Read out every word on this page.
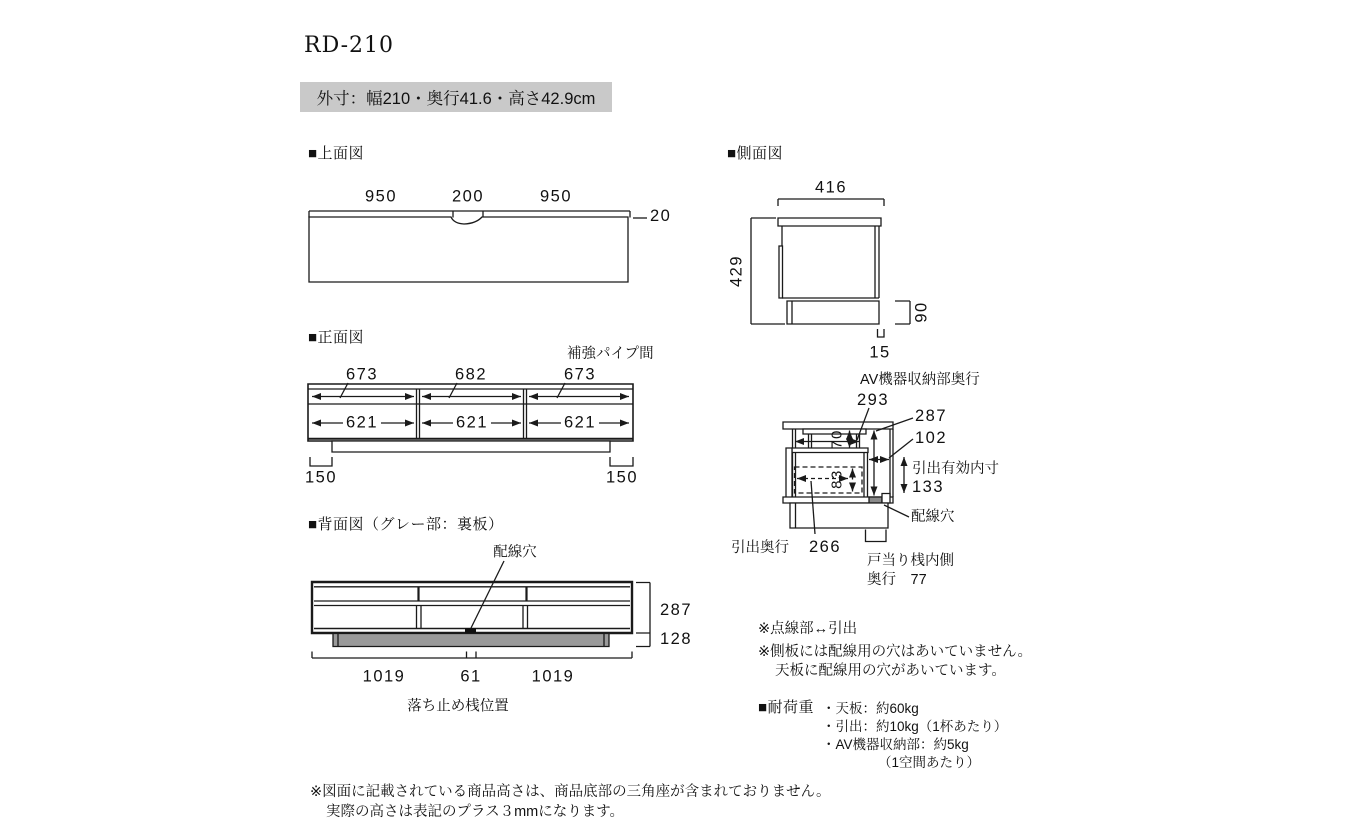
RD-210
外寸：幅210・奥行41.6・高さ42.9cm
■上面図	■側面図
■正面図
■背面図（グレー部：裏板）
950	200	950
20
416
429
90
15
補強パイプ間
673	682	673
621	621	621
150	150
配線穴
287
128
1019	61	1019
落ち止め桟位置
AV機器収納部奥行
293
287
102
70
83
引出有効内寸
133
配線穴
引出奥行 266
戸当り桟内側
奥行　77
※点線部↔引出
※側板には配線用の穴はあいていません。
天板に配線用の穴があいています。
■耐荷重 ・天板：約60kg
・引出：約10kg（1杯あたり）
・AV機器収納部：約5kg
（1空間あたり）
※図面に記載されている商品高さは、商品底部の三角座が含まれておりません。
実際の高さは表記のプラス３mmになります。
